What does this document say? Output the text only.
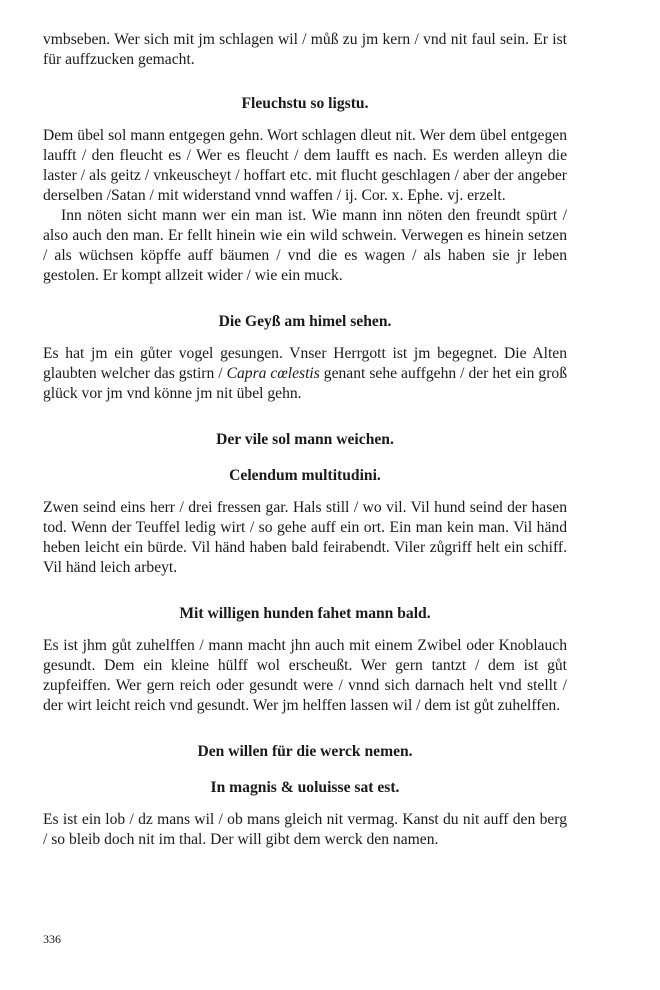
vmbseben. Wer sich mit jm schlagen wil / můß zu jm kern / vnd nit faul sein. Er ist für auffzucken gemacht.

Fleuchstu so ligstu.

Dem übel sol mann entgegen gehn. Wort schlagen dleut nit. Wer dem übel entgegen laufft / den fleucht es / Wer es fleucht / dem laufft es nach. Es werden alleyn die laster / als geitz / vnkeuscheyt / hoffart etc. mit flucht geschlagen / aber der angeber derselben /Satan / mit widerstand vnnd waffen / ij. Cor. x. Ephe. vj. erzelt.

Inn nöten sicht mann wer ein man ist. Wie mann inn nöten den freundt spürt / also auch den man. Er fellt hinein wie ein wild schwein. Verwegen es hinein setzen / als wüchsen köpffe auff bäumen / vnd die es wagen / als haben sie jr leben gestolen. Er kompt allzeit wider / wie ein muck.

Die Geyß am himel sehen.

Es hat jm ein gůter vogel gesungen. Vnser Herrgott ist jm begegnet. Die Alten glaubten welcher das gstirn / Capra cœlestis genant sehe auffgehn / der het ein groß glück vor jm vnd könne jm nit übel gehn.

Der vile sol mann weichen.

Celendum multitudini.

Zwen seind eins herr / drei fressen gar. Hals still / wo vil. Vil hund seind der hasen tod. Wenn der Teuffel ledig wirt / so gehe auff ein ort. Ein man kein man. Vil händ heben leicht ein bürde. Vil händ haben bald feirabendt. Viler zůgriff helt ein schiff. Vil händ leich arbeyt.

Mit willigen hunden fahet mann bald.

Es ist jhm gůt zuhelffen / mann macht jhn auch mit einem Zwibel oder Knoblauch gesundt. Dem ein kleine hülff wol erscheußt. Wer gern tantzt / dem ist gůt zupfeiffen. Wer gern reich oder gesundt were / vnnd sich darnach helt vnd stellt / der wirt leicht reich vnd gesundt. Wer jm helffen lassen wil / dem ist gůt zuhelffen.

Den willen für die werck nemen.

In magnis & uoluisse sat est.

Es ist ein lob / dz mans wil / ob mans gleich nit vermag. Kanst du nit auff den berg / so bleib doch nit im thal. Der will gibt dem werck den namen.

336
